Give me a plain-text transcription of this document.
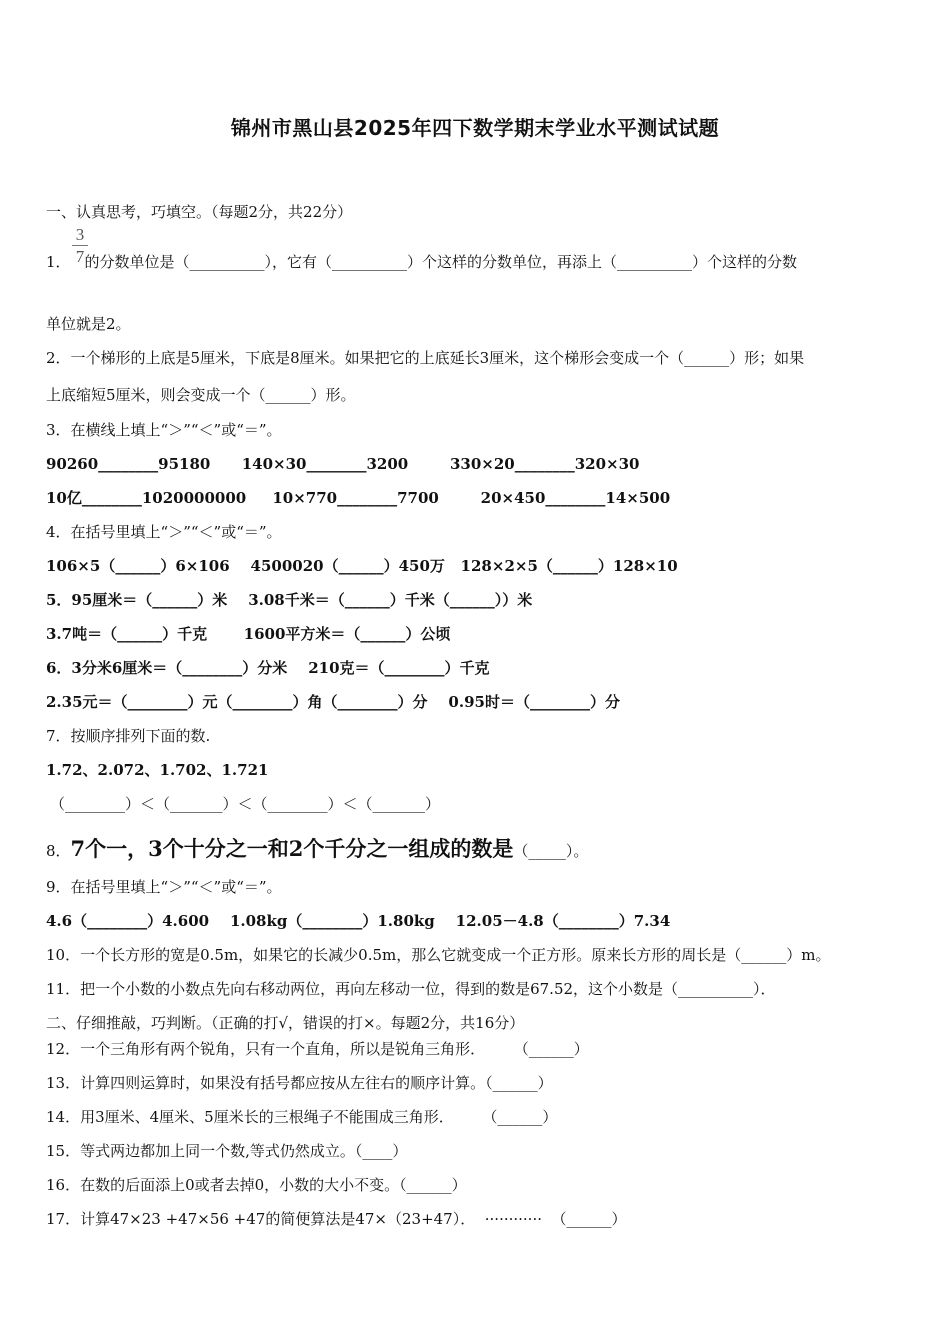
锦州市黑山县2025年四下数学期末学业水平测试试题
一、认真思考，巧填空。（每题2分，共22分）
3
7
1． 的分数单位是（__________），它有（__________）个这样的分数单位，再添上（__________）个这样的分数
单位就是2。
2．一个梯形的上底是5厘米，下底是8厘米。如果把它的上底延长3厘米，这个梯形会变成一个（______）形；如果
上底缩短5厘米，则会变成一个（______）形。
3．在横线上填上“＞”“＜”或“＝”。
90260________95180      140×30________3200        330×20________320×30
10亿________1020000000     10×770________7700        20×450________14×500
4．在括号里填上“＞”“＜”或“＝”。
106×5（______）6×106    4500020（______）450万   128×2×5（______）128×10
5．95厘米＝（______）米    3.08千米＝（______）千米（______））米
3.7吨＝（______）千克       1600平方米＝（______）公顷
6．3分米6厘米＝（________）分米    210克＝（________）千克
2.35元＝（________）元（________）角（________）分    0.95时＝（________）分
7．按顺序排列下面的数.
1.72、2.072、1.702、1.721
（________）＜（_______）＜（________）＜（_______）
8．7个一，3个十分之一和2个千分之一组成的数是（_____）。
9．在括号里填上“＞”“＜”或“＝”。
4.6（________）4.600    1.08kg（________）1.80kg    12.05－4.8（________）7.34
10．一个长方形的宽是0.5m，如果它的长减少0.5m，那么它就变成一个正方形。原来长方形的周长是（______）m。
11．把一个小数的小数点先向右移动两位，再向左移动一位，得到的数是67.52，这个小数是（__________）．
二、仔细推敲，巧判断。（正确的打√，错误的打×。每题2分，共16分）
12．一个三角形有两个锐角，只有一个直角，所以是锐角三角形．      （______）
13．计算四则运算时，如果没有括号都应按从左往右的顺序计算。（______）
14．用3厘米、4厘米、5厘米长的三根绳子不能围成三角形．      （______）
15．等式两边都加上同一个数,等式仍然成立。（____）
16．在数的后面添上0或者去掉0，小数的大小不变。（______）
17．计算47×23 +47×56 +47的简便算法是47×（23+47）．  ············  （______）
